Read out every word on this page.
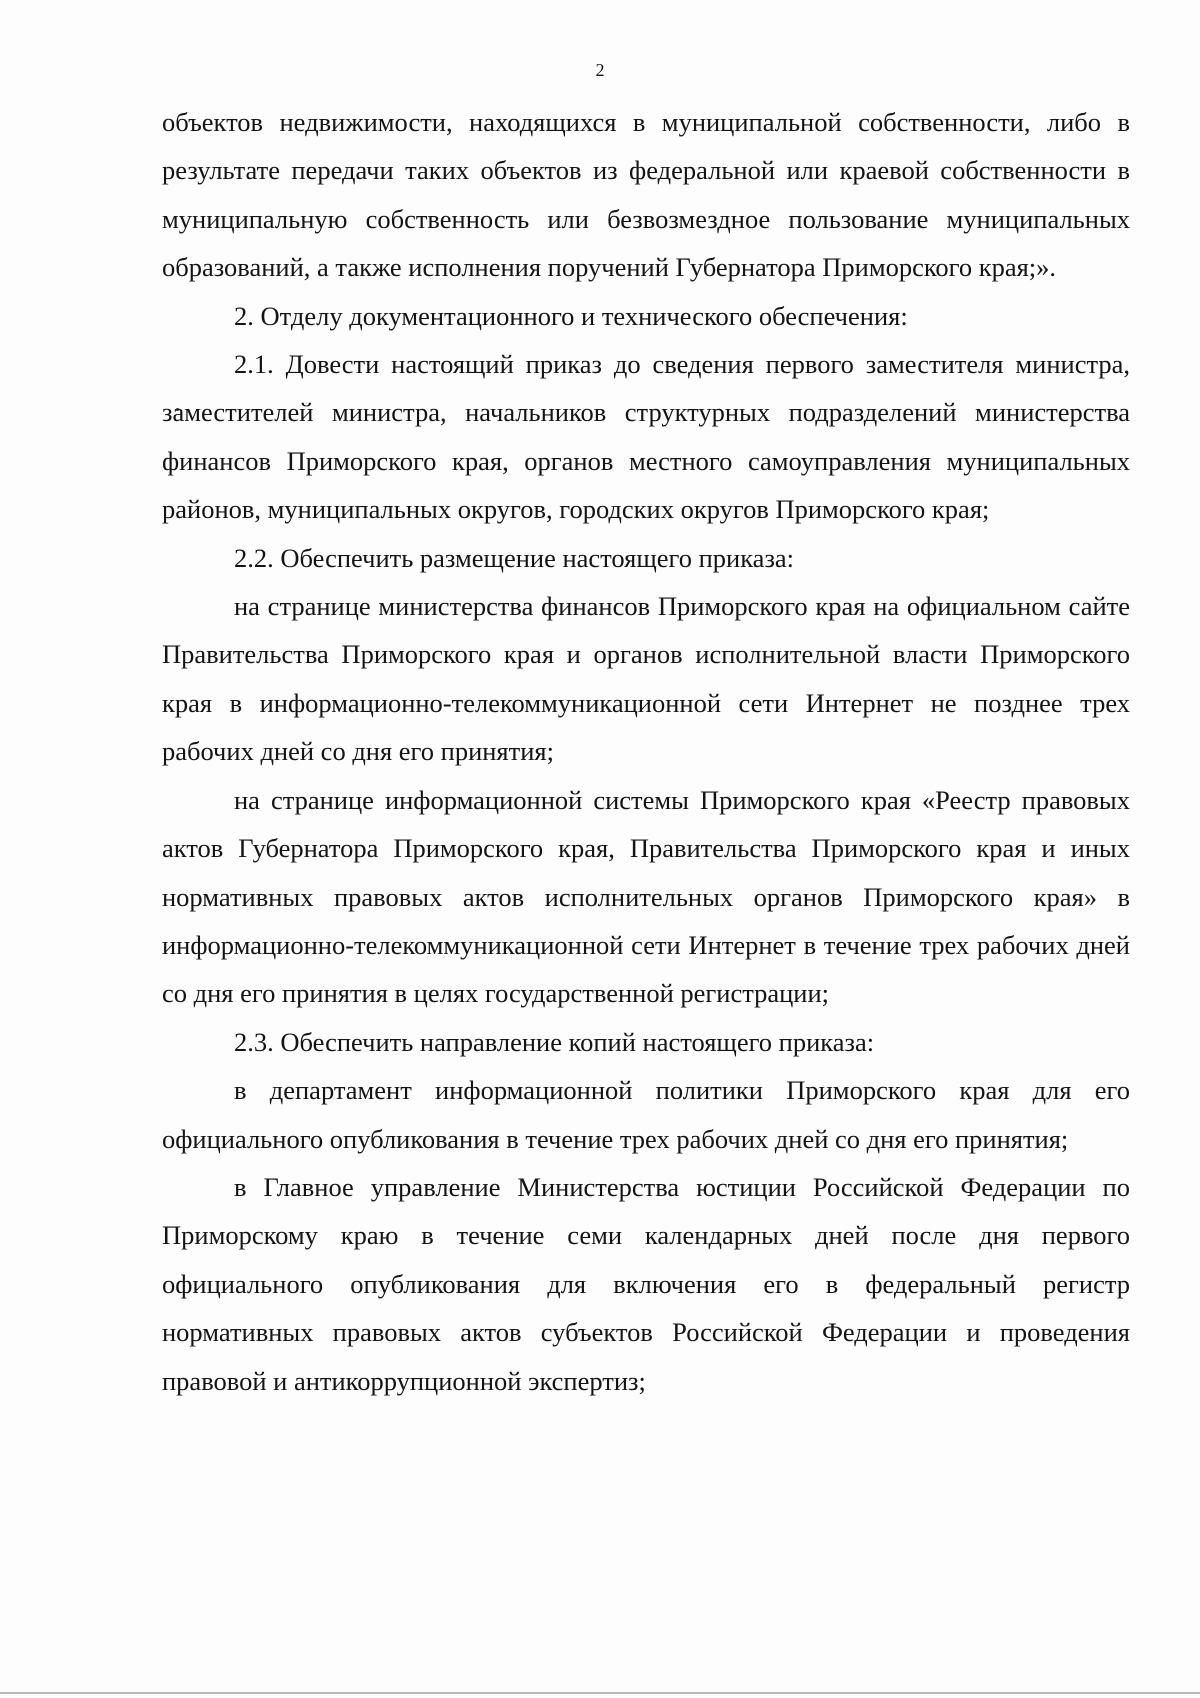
2

объектов недвижимости, находящихся в муниципальной собственности, либо в результате передачи таких объектов из федеральной или краевой собственности в муниципальную собственность или безвозмездное пользование муниципальных образований, а также исполнения поручений Губернатора Приморского края;».

2. Отделу документационного и технического обеспечения:

2.1. Довести настоящий приказ до сведения первого заместителя министра, заместителей министра, начальников структурных подразделений министерства финансов Приморского края, органов местного самоуправления муниципальных районов, муниципальных округов, городских округов Приморского края;

2.2. Обеспечить размещение настоящего приказа:

на странице министерства финансов Приморского края на официальном сайте Правительства Приморского края и органов исполнительной власти Приморского края в информационно-телекоммуникационной сети Интернет не позднее трех рабочих дней со дня его принятия;

на странице информационной системы Приморского края «Реестр правовых актов Губернатора Приморского края, Правительства Приморского края и иных нормативных правовых актов исполнительных органов Приморского края» в информационно-телекоммуникационной сети Интернет в течение трех рабочих дней со дня его принятия в целях государственной регистрации;

2.3. Обеспечить направление копий настоящего приказа:

в департамент информационной политики Приморского края для его официального опубликования в течение трех рабочих дней со дня его принятия;

в Главное управление Министерства юстиции Российской Федерации по Приморскому краю в течение семи календарных дней после дня первого официального опубликования для включения его в федеральный регистр нормативных правовых актов субъектов Российской Федерации и проведения правовой и антикоррупционной экспертиз;
